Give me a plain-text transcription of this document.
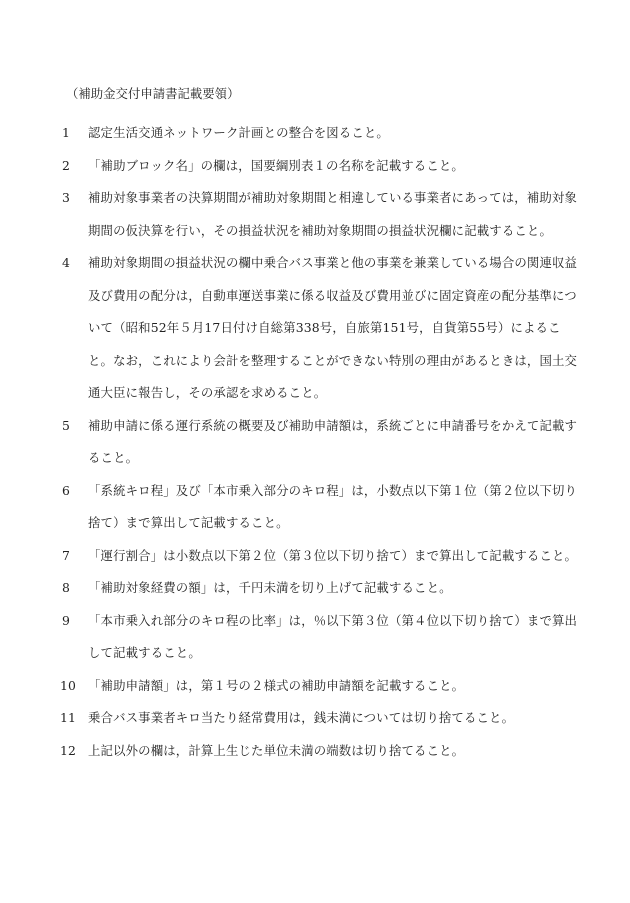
（補助金交付申請書記載要領）
1	認定生活交通ネットワーク計画との整合を図ること。
2	「補助ブロック名」の欄は，国要綱別表１の名称を記載すること。
3	補助対象事業者の決算期間が補助対象期間と相違している事業者にあっては，補助対象期間の仮決算を行い，その損益状況を補助対象期間の損益状況欄に記載すること。
4	補助対象期間の損益状況の欄中乗合バス事業と他の事業を兼業している場合の関連収益及び費用の配分は，自動車運送事業に係る収益及び費用並びに固定資産の配分基準について（昭和52年５月17日付け自総第338号，自旅第151号，自貨第55号）によること。なお，これにより会計を整理することができない特別の理由があるときは，国土交通大臣に報告し，その承認を求めること。
5	補助申請に係る運行系統の概要及び補助申請額は，系統ごとに申請番号をかえて記載すること。
6	「系統キロ程」及び「本市乗入部分のキロ程」は，小数点以下第１位（第２位以下切り捨て）まで算出して記載すること。
7	「運行割合」は小数点以下第２位（第３位以下切り捨て）まで算出して記載すること。
8	「補助対象経費の額」は，千円未満を切り上げて記載すること。
9	「本市乗入れ部分のキロ程の比率」は，％以下第３位（第４位以下切り捨て）まで算出して記載すること。
10 「補助申請額」は，第１号の２様式の補助申請額を記載すること。
11 乗合バス事業者キロ当たり経常費用は，銭未満については切り捨てること。
12 上記以外の欄は，計算上生じた単位未満の端数は切り捨てること。
